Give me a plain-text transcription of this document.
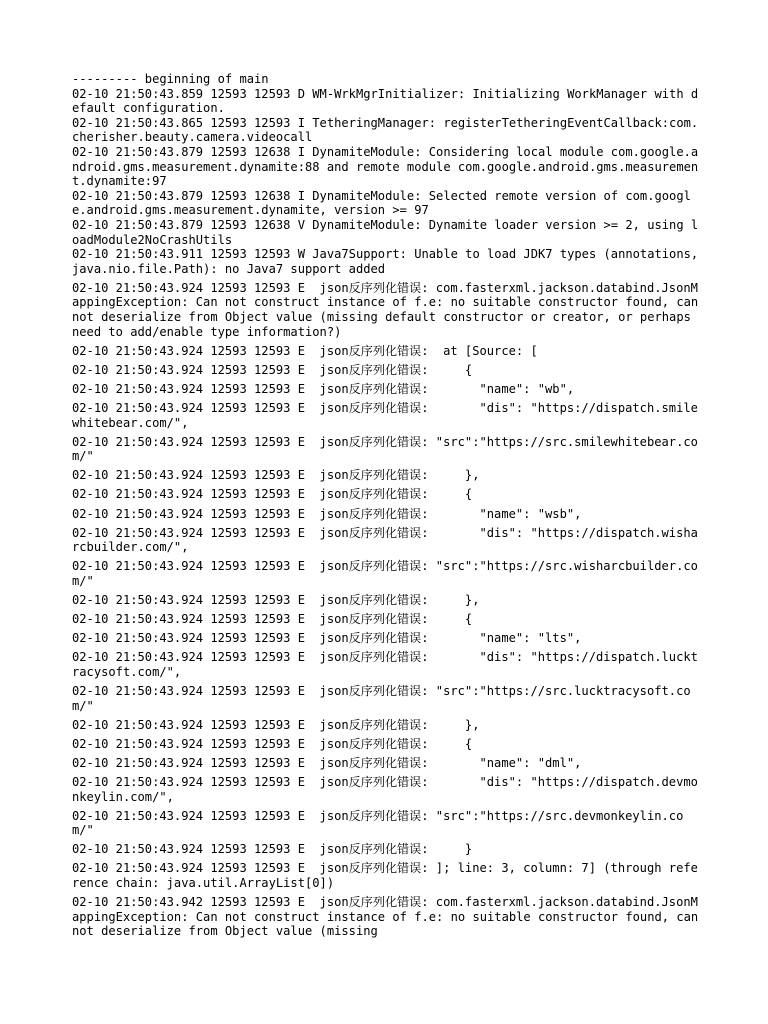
--------- beginning of main
02-10 21:50:43.859 12593 12593 D WM-WrkMgrInitializer: Initializing WorkManager with default configuration.
02-10 21:50:43.865 12593 12593 I TetheringManager: registerTetheringEventCallback:com.cherisher.beauty.camera.videocall
02-10 21:50:43.879 12593 12638 I DynamiteModule: Considering local module com.google.android.gms.measurement.dynamite:88 and remote module com.google.android.gms.measurement.dynamite:97
02-10 21:50:43.879 12593 12638 I DynamiteModule: Selected remote version of com.google.android.gms.measurement.dynamite, version >= 97
02-10 21:50:43.879 12593 12638 V DynamiteModule: Dynamite loader version >= 2, using loadModule2NoCrashUtils
02-10 21:50:43.911 12593 12593 W Java7Support: Unable to load JDK7 types (annotations, java.nio.file.Path): no Java7 support added
02-10 21:50:43.924 12593 12593 E  json反序列化错误: com.fasterxml.jackson.databind.JsonMappingException: Can not construct instance of f.e: no suitable constructor found, can not deserialize from Object value (missing default constructor or creator, or perhaps need to add/enable type information?)
02-10 21:50:43.924 12593 12593 E  json反序列化错误:  at [Source: [
02-10 21:50:43.924 12593 12593 E  json反序列化错误:     {
02-10 21:50:43.924 12593 12593 E  json反序列化错误:       "name": "wb",
02-10 21:50:43.924 12593 12593 E  json反序列化错误:       "dis": "https://dispatch.smilewhitebear.com/",
02-10 21:50:43.924 12593 12593 E  json反序列化错误: "src":"https://src.smilewhitebear.com/"
02-10 21:50:43.924 12593 12593 E  json反序列化错误:     },
02-10 21:50:43.924 12593 12593 E  json反序列化错误:     {
02-10 21:50:43.924 12593 12593 E  json反序列化错误:       "name": "wsb",
02-10 21:50:43.924 12593 12593 E  json反序列化错误:       "dis": "https://dispatch.wisharcbuilder.com/",
02-10 21:50:43.924 12593 12593 E  json反序列化错误: "src":"https://src.wisharcbuilder.com/"
02-10 21:50:43.924 12593 12593 E  json反序列化错误:     },
02-10 21:50:43.924 12593 12593 E  json反序列化错误:     {
02-10 21:50:43.924 12593 12593 E  json反序列化错误:       "name": "lts",
02-10 21:50:43.924 12593 12593 E  json反序列化错误:       "dis": "https://dispatch.lucktracysoft.com/",
02-10 21:50:43.924 12593 12593 E  json反序列化错误: "src":"https://src.lucktracysoft.com/"
02-10 21:50:43.924 12593 12593 E  json反序列化错误:     },
02-10 21:50:43.924 12593 12593 E  json反序列化错误:     {
02-10 21:50:43.924 12593 12593 E  json反序列化错误:       "name": "dml",
02-10 21:50:43.924 12593 12593 E  json反序列化错误:       "dis": "https://dispatch.devmonkeylin.com/",
02-10 21:50:43.924 12593 12593 E  json反序列化错误: "src":"https://src.devmonkeylin.com/"
02-10 21:50:43.924 12593 12593 E  json反序列化错误:     }
02-10 21:50:43.924 12593 12593 E  json反序列化错误: ]; line: 3, column: 7] (through reference chain: java.util.ArrayList[0])
02-10 21:50:43.942 12593 12593 E  json反序列化错误: com.fasterxml.jackson.databind.JsonMappingException: Can not construct instance of f.e: no suitable constructor found, can not deserialize from Object value (missing
